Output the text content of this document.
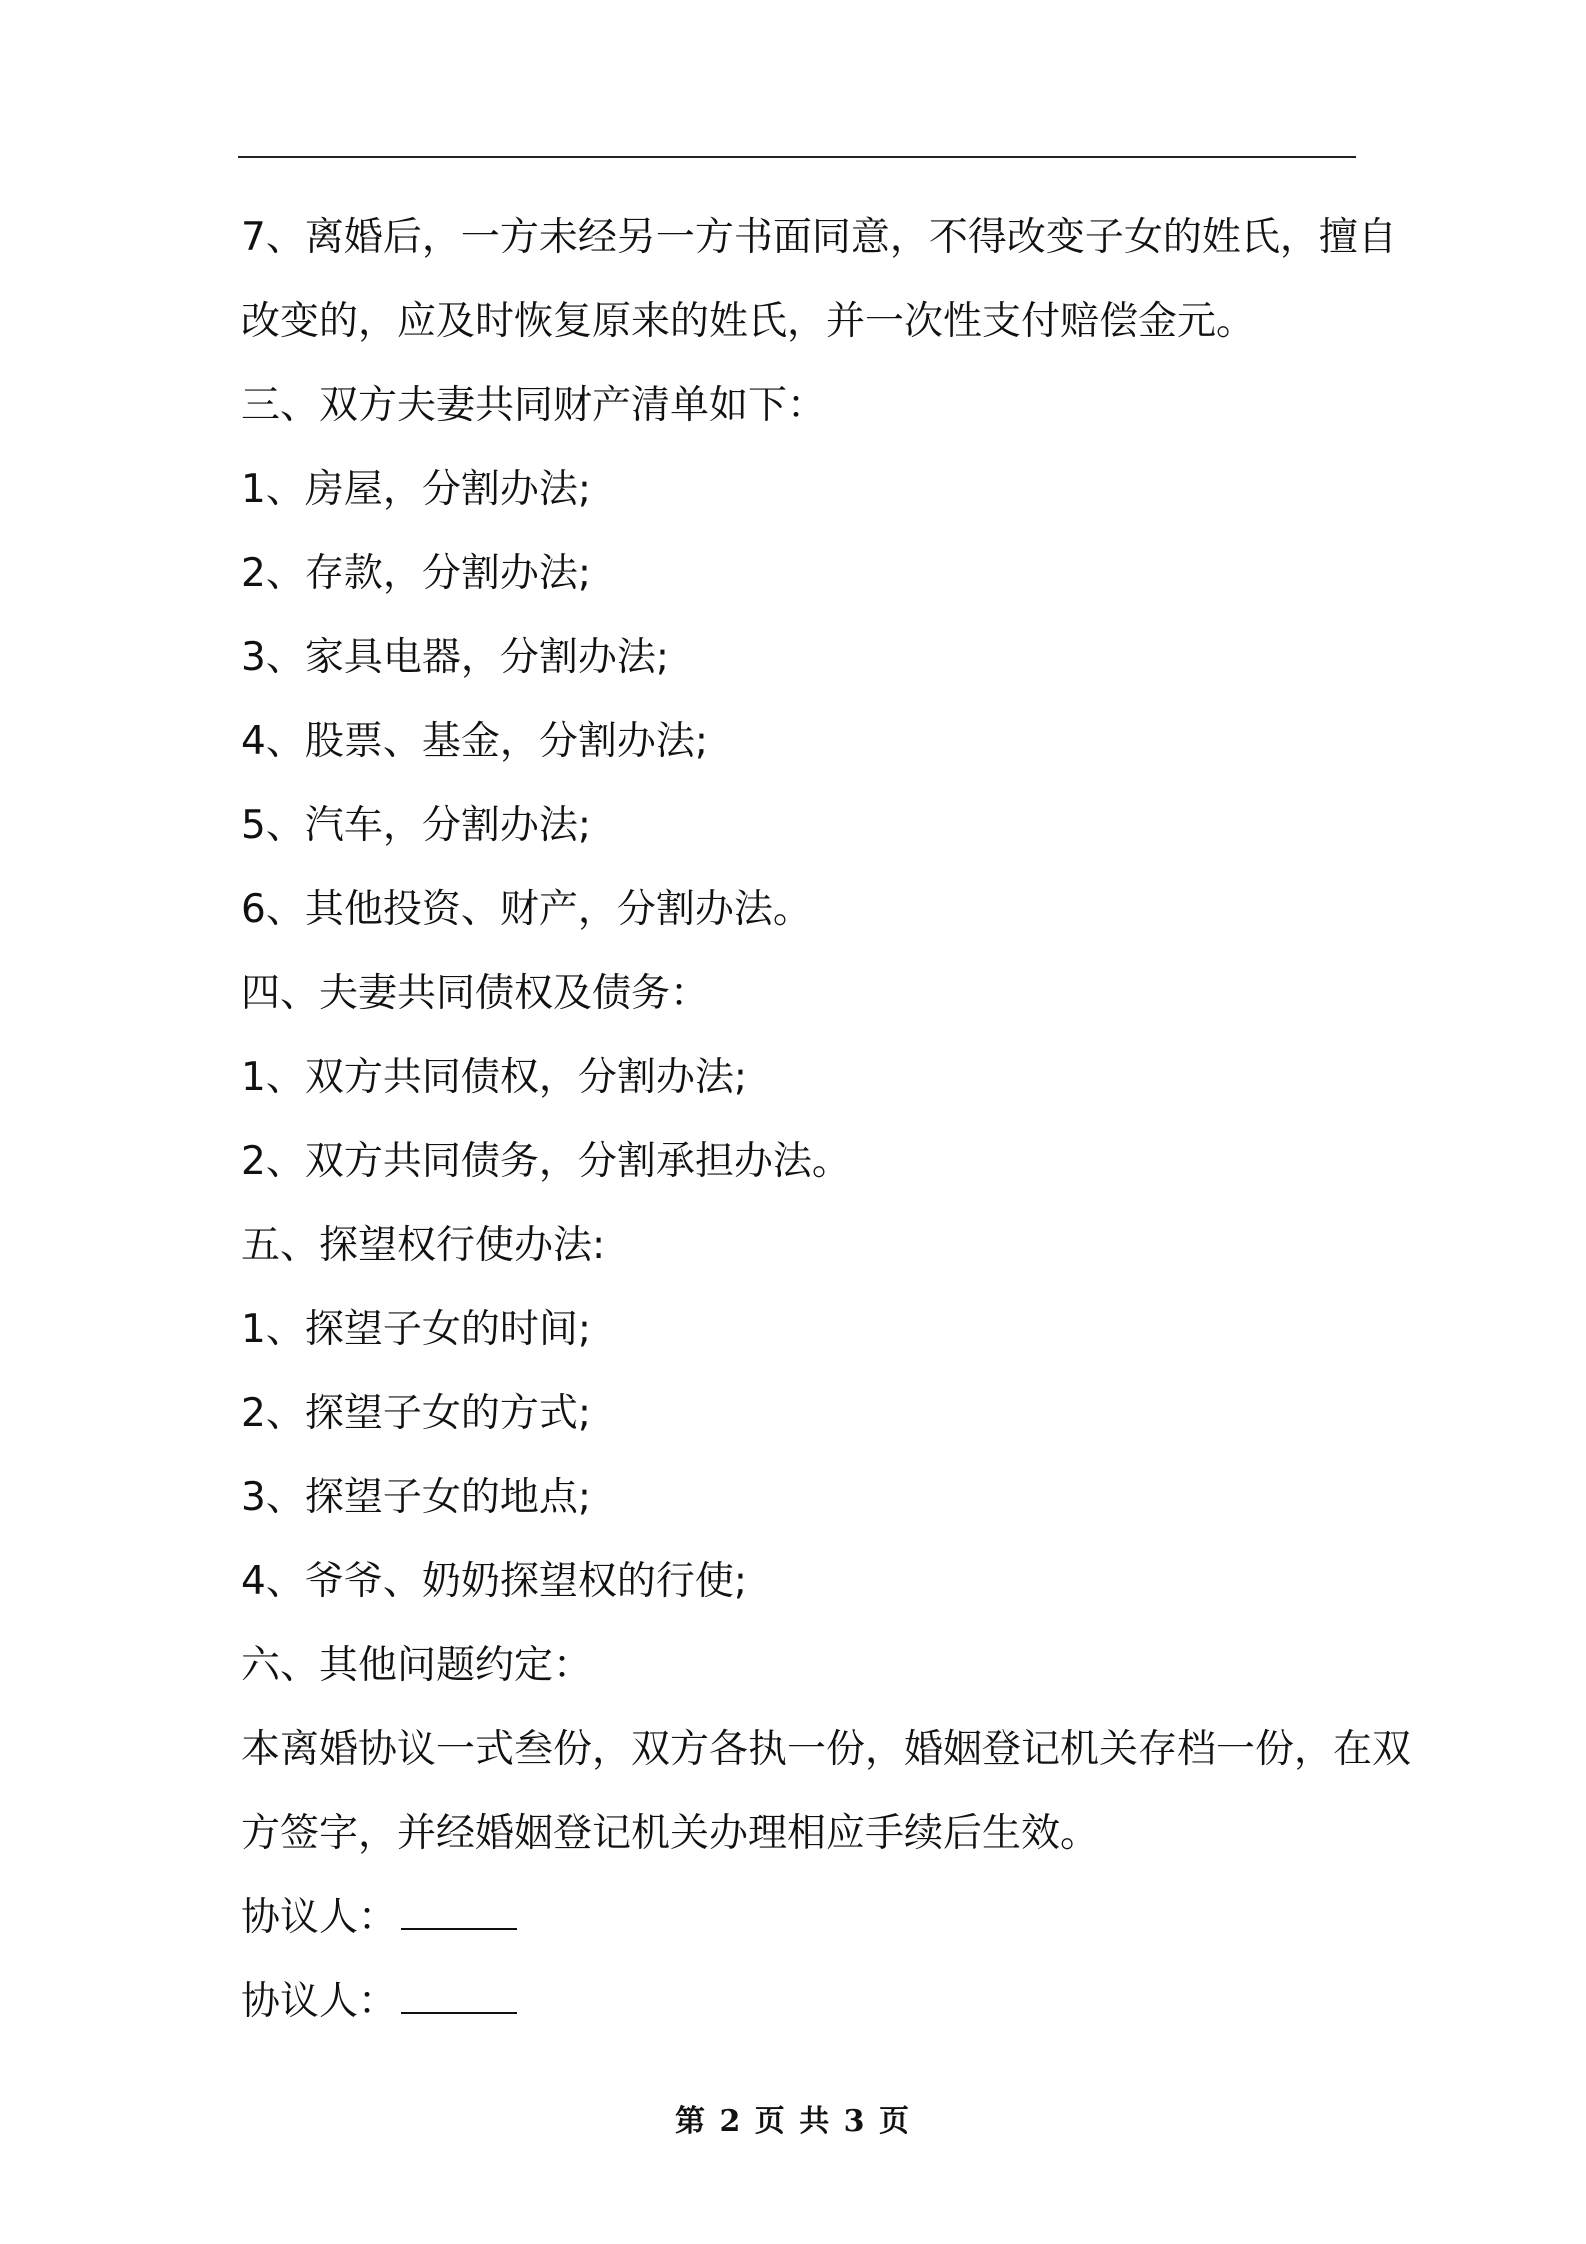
7、离婚后，一方未经另一方书面同意，不得改变子女的姓氏，擅自
改变的，应及时恢复原来的姓氏，并一次性支付赔偿金元。
三、双方夫妻共同财产清单如下：
1、房屋，分割办法;
2、存款，分割办法;
3、家具电器，分割办法;
4、股票、基金，分割办法;
5、汽车，分割办法;
6、其他投资、财产，分割办法。
四、夫妻共同债权及债务：
1、双方共同债权，分割办法;
2、双方共同债务，分割承担办法。
五、探望权行使办法:
1、探望子女的时间;
2、探望子女的方式;
3、探望子女的地点;
4、爷爷、奶奶探望权的行使;
六、其他问题约定：
本离婚协议一式叁份，双方各执一份，婚姻登记机关存档一份，在双
方签字，并经婚姻登记机关办理相应手续后生效。
协议人：
协议人：
第 2 页 共 3 页
